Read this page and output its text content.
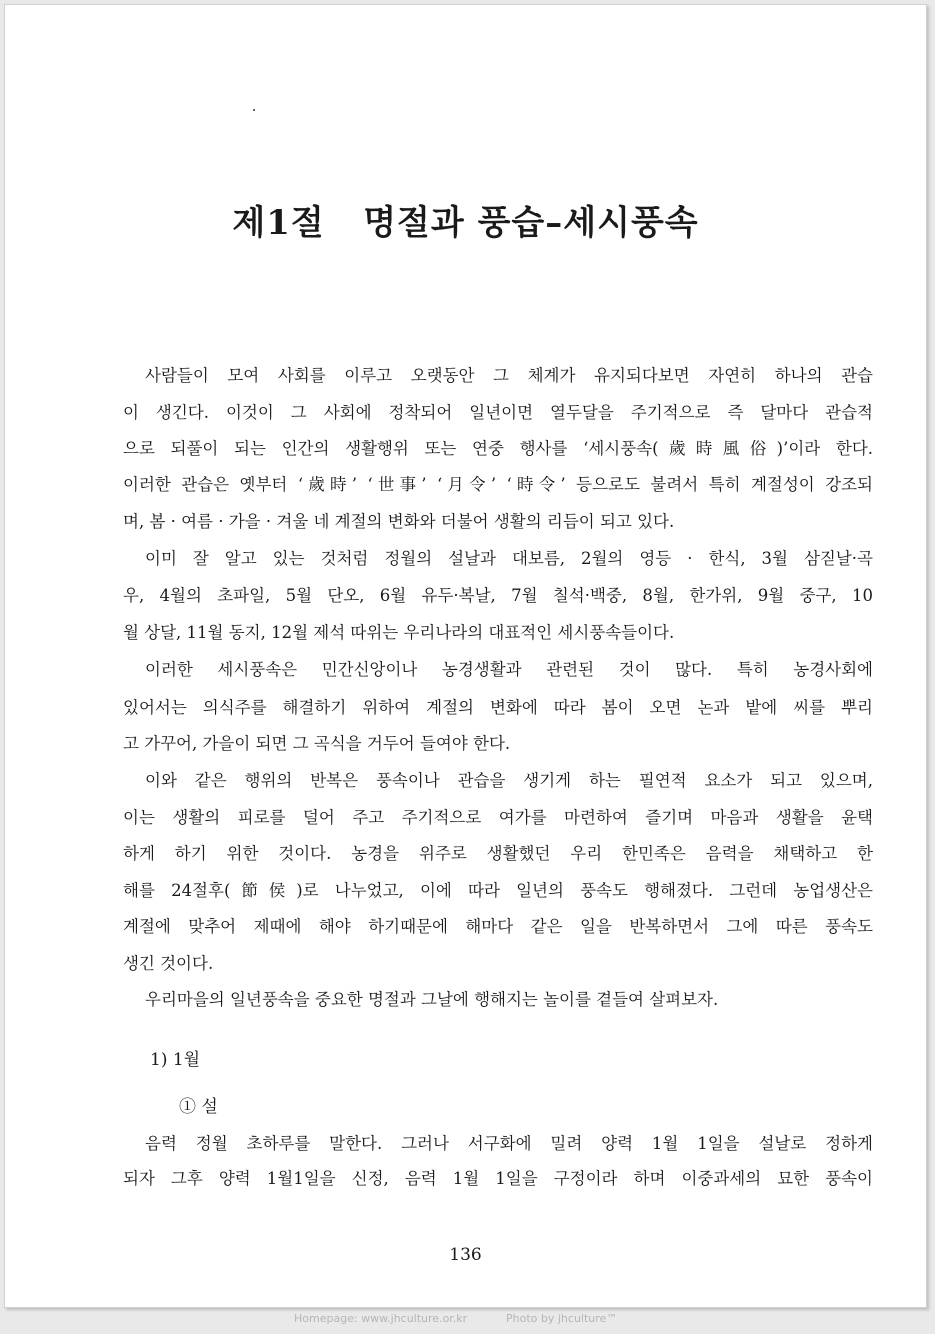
제1절   명절과 풍습–세시풍속
사람들이 모여 사회를 이루고 오랫동안 그 체계가 유지되다보면 자연히 하나의 관습
이 생긴다. 이것이 그 사회에 정착되어 일년이면 열두달을 주기적으로 즉 달마다 관습적
으로 되풀이 되는 인간의 생활행위 또는 연중 행사를 ‘세시풍속(歲時風俗)’이라 한다.
이러한 관습은 옛부터 ‘歲時’ ‘世事’ ‘月令’ ‘時令’ 등으로도 불려서 특히 계절성이 강조되
며, 봄 · 여름 · 가을 · 겨울 네 계절의 변화와 더불어 생활의 리듬이 되고 있다.
이미 잘 알고 있는 것처럼 정월의 설날과 대보름, 2월의 영등 · 한식, 3월 삼짇날·곡
우, 4월의 초파일, 5월 단오, 6월 유두·복날, 7월 칠석·백중, 8월, 한가위, 9월 중구, 10
월 상달, 11월 동지, 12월 제석 따위는 우리나라의 대표적인 세시풍속들이다.
이러한 세시풍속은 민간신앙이나 농경생활과 관련된 것이 많다. 특히 농경사회에
있어서는 의식주를 해결하기 위하여 계절의 변화에 따라 봄이 오면 논과 밭에 씨를 뿌리
고 가꾸어, 가을이 되면 그 곡식을 거두어 들여야 한다.
이와 같은 행위의 반복은 풍속이나 관습을 생기게 하는 필연적 요소가 되고 있으며,
이는 생활의 피로를 덜어 주고 주기적으로 여가를 마련하여 즐기며 마음과 생활을 윤택
하게 하기 위한 것이다. 농경을 위주로 생활했던 우리 한민족은 음력을 채택하고 한
해를 24절후(節侯)로 나누었고, 이에 따라 일년의 풍속도 행해졌다. 그런데 농업생산은
계절에 맞추어 제때에 해야 하기때문에 해마다 같은 일을 반복하면서 그에 따른 풍속도
생긴 것이다.
우리마을의 일년풍속을 중요한 명절과 그날에 행해지는 놀이를 곁들여 살펴보자.
1) 1월
① 설
음력 정월 초하루를 말한다. 그러나 서구화에 밀려 양력 1월 1일을 설날로 정하게
되자 그후 양력 1월1일을 신정, 음력 1월 1일을 구정이라 하며 이중과세의 묘한 풍속이
136
Homepage: www.jhculture.or.kr	Photo by jhculture™
